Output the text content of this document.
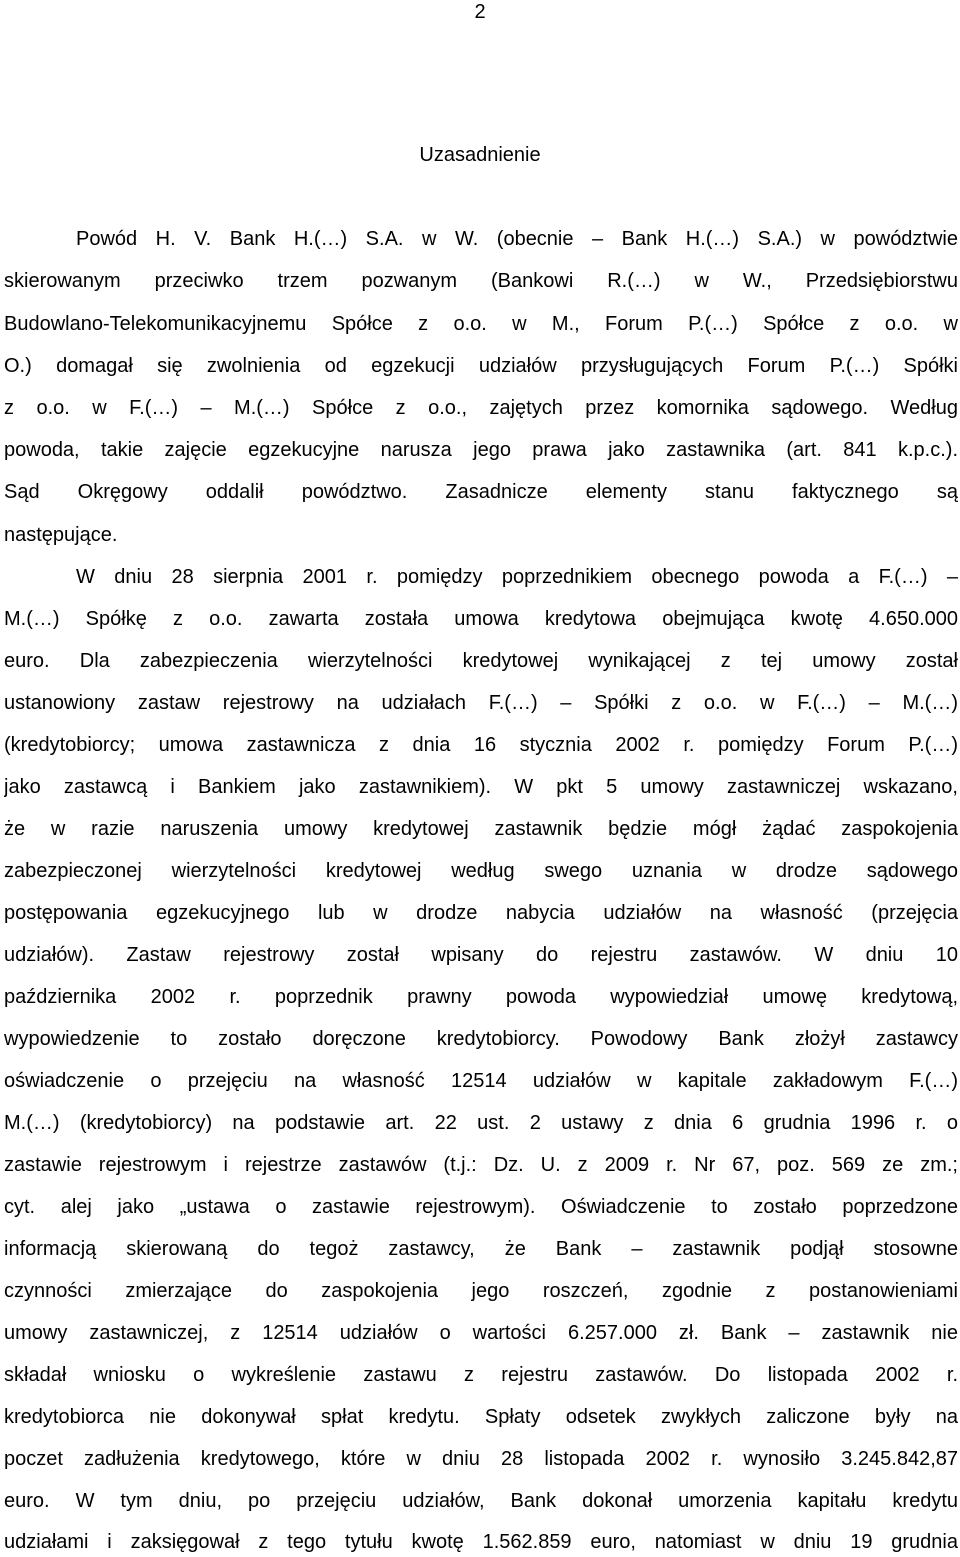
2
Uzasadnienie
Powód H. V. Bank H.(…) S.A. w W. (obecnie – Bank H.(…) S.A.) w powództwie
skierowanym przeciwko trzem pozwanym (Bankowi R.(…) w W., Przedsiębiorstwu
Budowlano-Telekomunikacyjnemu Spółce z o.o. w M., Forum P.(…) Spółce z o.o. w
O.) domagał się zwolnienia od egzekucji udziałów przysługujących Forum P.(…) Spółki
z o.o. w F.(…) – M.(…) Spółce z o.o., zajętych przez komornika sądowego. Według
powoda, takie zajęcie egzekucyjne narusza jego prawa jako zastawnika (art. 841 k.p.c.).
Sąd Okręgowy oddalił powództwo. Zasadnicze elementy stanu faktycznego są
następujące.
W dniu 28 sierpnia 2001 r. pomiędzy poprzednikiem obecnego powoda a F.(…) –
M.(…) Spółkę z o.o. zawarta została umowa kredytowa obejmująca kwotę 4.650.000
euro. Dla zabezpieczenia wierzytelności kredytowej wynikającej z tej umowy został
ustanowiony zastaw rejestrowy na udziałach F.(…) – Spółki z o.o. w F.(…) – M.(…)
(kredytobiorcy; umowa zastawnicza z dnia 16 stycznia 2002 r. pomiędzy Forum P.(…)
jako zastawcą i Bankiem jako zastawnikiem). W pkt 5 umowy zastawniczej wskazano,
że w razie naruszenia umowy kredytowej zastawnik będzie mógł żądać zaspokojenia
zabezpieczonej wierzytelności kredytowej według swego uznania w drodze sądowego
postępowania egzekucyjnego lub w drodze nabycia udziałów na własność (przejęcia
udziałów). Zastaw rejestrowy został wpisany do rejestru zastawów. W dniu 10
października 2002 r. poprzednik prawny powoda wypowiedział umowę kredytową,
wypowiedzenie to zostało doręczone kredytobiorcy. Powodowy Bank złożył zastawcy
oświadczenie o przejęciu na własność 12514 udziałów w kapitale zakładowym F.(…)
M.(…) (kredytobiorcy) na podstawie art. 22 ust. 2 ustawy z dnia 6 grudnia 1996 r. o
zastawie rejestrowym i rejestrze zastawów (t.j.: Dz. U. z 2009 r. Nr 67, poz. 569 ze zm.;
cyt. alej jako „ustawa o zastawie rejestrowym). Oświadczenie to zostało poprzedzone
informacją skierowaną do tegoż zastawcy, że Bank – zastawnik podjął stosowne
czynności zmierzające do zaspokojenia jego roszczeń, zgodnie z postanowieniami
umowy zastawniczej, z 12514 udziałów o wartości 6.257.000 zł. Bank – zastawnik nie
składał wniosku o wykreślenie zastawu z rejestru zastawów. Do listopada 2002 r.
kredytobiorca nie dokonywał spłat kredytu. Spłaty odsetek zwykłych zaliczone były na
poczet zadłużenia kredytowego, które w dniu 28 listopada 2002 r. wynosiło 3.245.842,87
euro. W tym dniu, po przejęciu udziałów, Bank dokonał umorzenia kapitału kredytu
udziałami i zaksięgował z tego tytułu kwotę 1.562.859 euro, natomiast w dniu 19 grudnia
